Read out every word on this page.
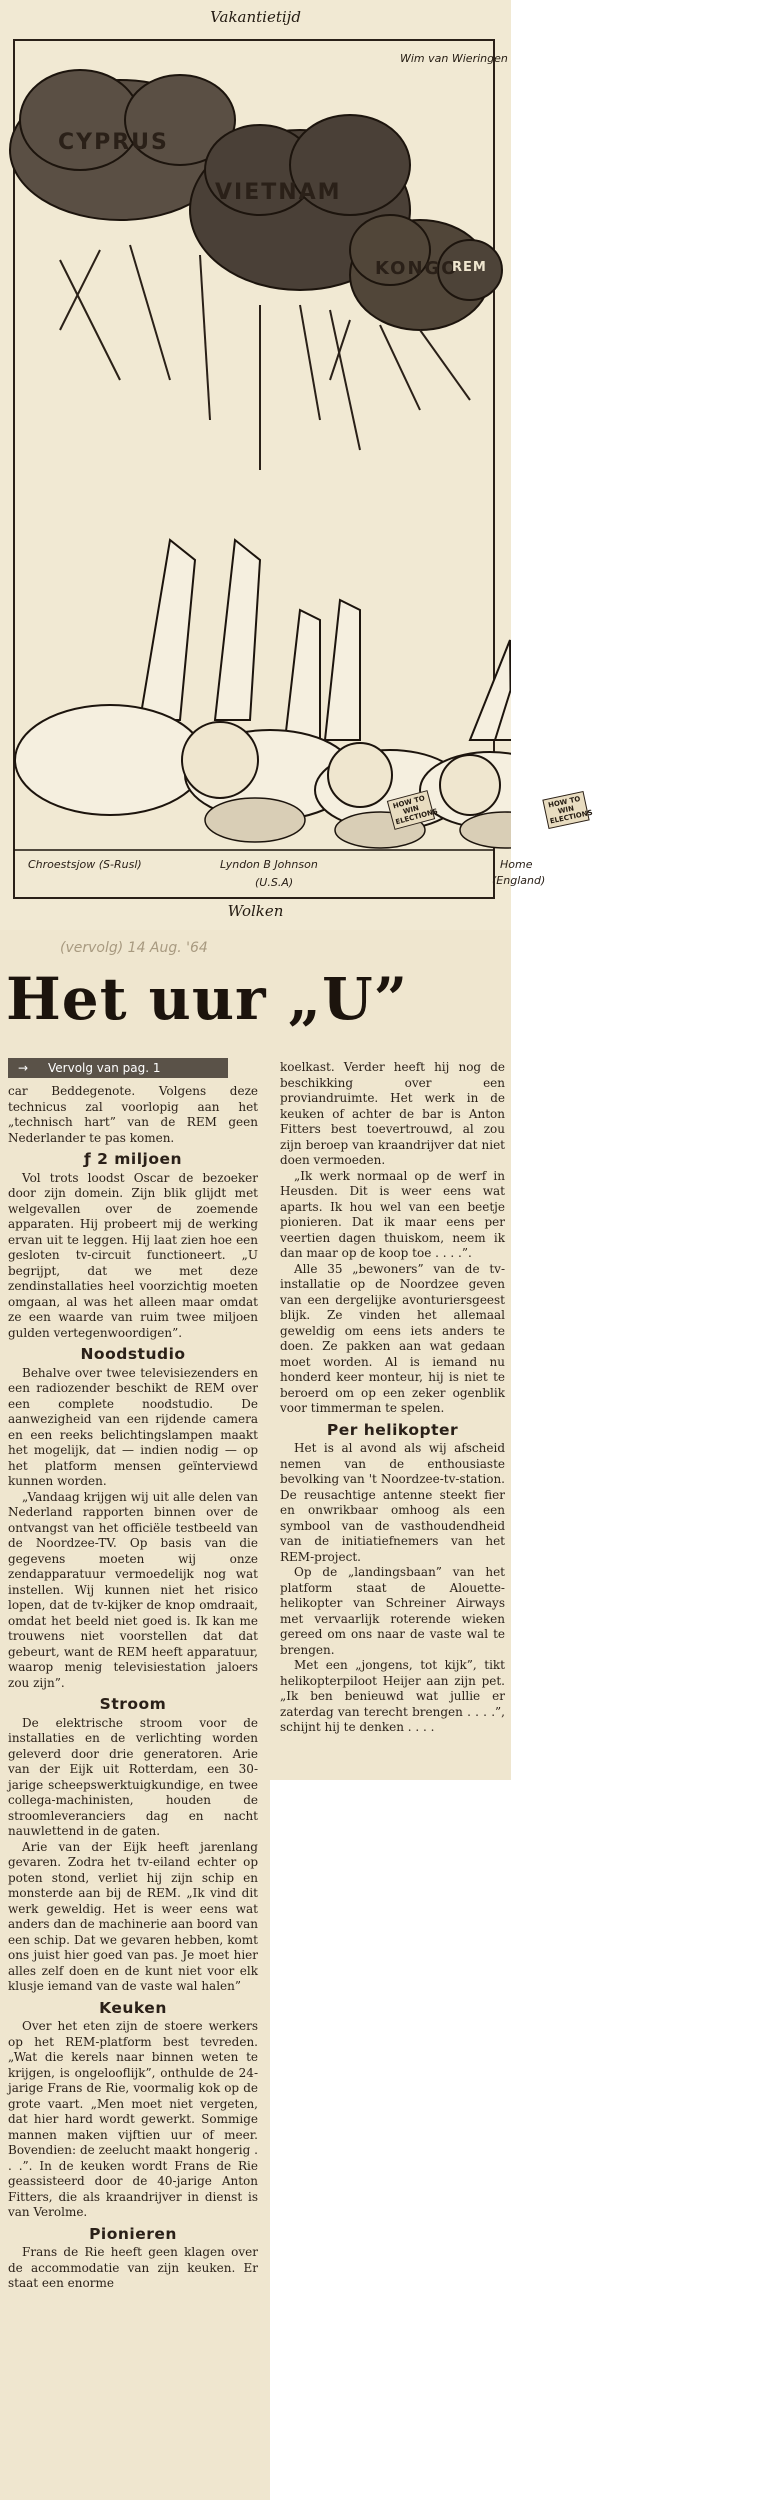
Vakantietijd
Wim van Wieringen
CYPRUS
VIETNAM
KONGO
REM
HOW TO WIN ELECTIONS
HOW TO WIN ELECTIONS
Chroestsjow (S-Rusl)	Lyndon B Johnson
(U.S.A)
Home
(England)
Wolken
(vervolg) 14 Aug. '64
Het uur „U”
→ Vervolg van pag. 1

car Beddegenote. Volgens deze technicus zal voorlopig aan het „technisch hart” van de REM geen Nederlander te pas komen.

ƒ 2 miljoen

Vol trots loodst Oscar de bezoeker door zijn domein. Zijn blik glijdt met welgevallen over de zoemende apparaten. Hij probeert mij de werking ervan uit te leggen. Hij laat zien hoe een gesloten tv-circuit functioneert. „U begrijpt, dat we met deze zendinstallaties heel voorzichtig moeten omgaan, al was het alleen maar omdat ze een waarde van ruim twee miljoen gulden vertegenwoordigen”.

Noodstudio

Behalve over twee televisiezenders en een radiozender beschikt de REM over een complete noodstudio. De aanwezigheid van een rijdende camera en een reeks belichtingslampen maakt het mogelijk, dat — indien nodig — op het platform mensen geïnterviewd kunnen worden.

„Vandaag krijgen wij uit alle delen van Nederland rapporten binnen over de ontvangst van het officiële testbeeld van de Noordzee-TV. Op basis van die gegevens moeten wij onze zendapparatuur vermoedelijk nog wat instellen. Wij kunnen niet het risico lopen, dat de tv-kijker de knop omdraait, omdat het beeld niet goed is. Ik kan me trouwens niet voorstellen dat dat gebeurt, want de REM heeft apparatuur, waarop menig televisiestation jaloers zou zijn”.

Stroom

De elektrische stroom voor de installaties en de verlichting worden geleverd door drie generatoren. Arie van der Eijk uit Rotterdam, een 30-jarige scheepswerktuigkundige, en twee collega-machinisten, houden de stroomleveranciers dag en nacht nauwlettend in de gaten.

Arie van der Eijk heeft jarenlang gevaren. Zodra het tv-eiland echter op poten stond, verliet hij zijn schip en monsterde aan bij de REM. „Ik vind dit werk geweldig. Het is weer eens wat anders dan de machinerie aan boord van een schip. Dat we gevaren hebben, komt ons juist hier goed van pas. Je moet hier alles zelf doen en de kunt niet voor elk klusje iemand van de vaste wal halen”

Keuken

Over het eten zijn de stoere werkers op het REM-platform best tevreden. „Wat die kerels naar binnen weten te krijgen, is ongelooflijk”, onthulde de 24-jarige Frans de Rie, voormalig kok op de grote vaart. „Men moet niet vergeten, dat hier hard wordt gewerkt. Sommige mannen maken vijftien uur of meer. Bovendien: de zeelucht maakt hongerig . . .”. In de keuken wordt Frans de Rie geassisteerd door de 40-jarige Anton Fitters, die als kraandrijver in dienst is van Verolme.

Pionieren

Frans de Rie heeft geen klagen over de accommodatie van zijn keuken. Er staat een enorme

koelkast. Verder heeft hij nog de beschikking over een proviandruimte. Het werk in de keuken of achter de bar is Anton Fitters best toevertrouwd, al zou zijn beroep van kraandrijver dat niet doen vermoeden.

„Ik werk normaal op de werf in Heusden. Dit is weer eens wat aparts. Ik hou wel van een beetje pionieren. Dat ik maar eens per veertien dagen thuiskom, neem ik dan maar op de koop toe . . . .”.

Alle 35 „bewoners” van de tv-installatie op de Noordzee geven van een dergelijke avonturiersgeest blijk. Ze vinden het allemaal geweldig om eens iets anders te doen. Ze pakken aan wat gedaan moet worden. Al is iemand nu honderd keer monteur, hij is niet te beroerd om op een zeker ogenblik voor timmerman te spelen.

Per helikopter

Het is al avond als wij afscheid nemen van de enthousiaste bevolking van 't Noordzee-tv-station. De reusachtige antenne steekt fier en onwrikbaar omhoog als een symbool van de vasthoudendheid van de initiatiefnemers van het REM-project.

Op de „landingsbaan” van het platform staat de Alouette-helikopter van Schreiner Airways met vervaarlijk roterende wieken gereed om ons naar de vaste wal te brengen.

Met een „jongens, tot kijk”, tikt helikopterpiloot Heijer aan zijn pet. „Ik ben benieuwd wat jullie er zaterdag van terecht brengen . . . .”, schijnt hij te denken . . . .
